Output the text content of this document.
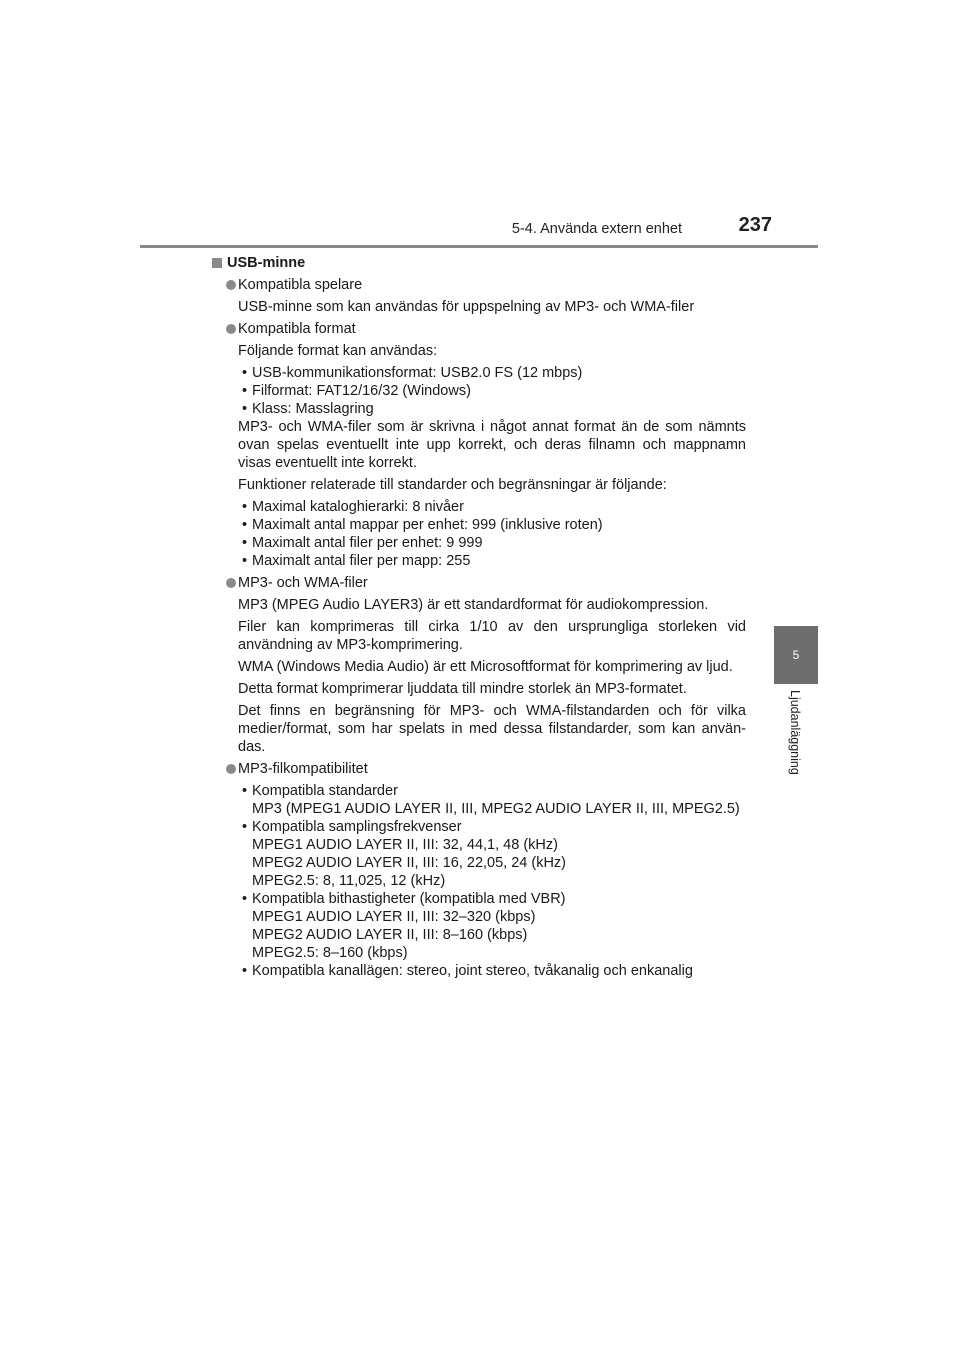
5-4. Använda extern enhet	237
5
Ljudanläggning
USB-minne
Kompatibla spelare
USB-minne som kan användas för uppspelning av MP3- och WMA-filer
Kompatibla format
Följande format kan användas:
• USB-kommunikationsformat: USB2.0 FS (12 mbps)
• Filformat: FAT12/16/32 (Windows)
• Klass: Masslagring
MP3- och WMA-filer som är skrivna i något annat format än de som nämnts ovan spelas eventuellt inte upp korrekt, och deras filnamn och mappnamn visas eventuellt inte korrekt.
Funktioner relaterade till standarder och begränsningar är följande:
• Maximal kataloghierarki: 8 nivåer
• Maximalt antal mappar per enhet: 999 (inklusive roten)
• Maximalt antal filer per enhet: 9 999
• Maximalt antal filer per mapp: 255
MP3- och WMA-filer
MP3 (MPEG Audio LAYER3) är ett standardformat för audiokompression.
Filer kan komprimeras till cirka 1/10 av den ursprungliga storleken vid användning av MP3-komprimering.
WMA (Windows Media Audio) är ett Microsoftformat för komprimering av ljud.
Detta format komprimerar ljuddata till mindre storlek än MP3-formatet.
Det finns en begränsning för MP3- och WMA-filstandarden och för vilka medier/format, som har spelats in med dessa filstandarder, som kan använ-das.
MP3-filkompatibilitet
• Kompatibla standarder
MP3 (MPEG1 AUDIO LAYER II, III, MPEG2 AUDIO LAYER II, III, MPEG2.5)
• Kompatibla samplingsfrekvenser
MPEG1 AUDIO LAYER II, III: 32, 44,1, 48 (kHz)
MPEG2 AUDIO LAYER II, III: 16, 22,05, 24 (kHz)
MPEG2.5: 8, 11,025, 12 (kHz)
• Kompatibla bithastigheter (kompatibla med VBR)
MPEG1 AUDIO LAYER II, III: 32–320 (kbps)
MPEG2 AUDIO LAYER II, III: 8–160 (kbps)
MPEG2.5: 8–160 (kbps)
• Kompatibla kanallägen: stereo, joint stereo, tvåkanalig och enkanalig
